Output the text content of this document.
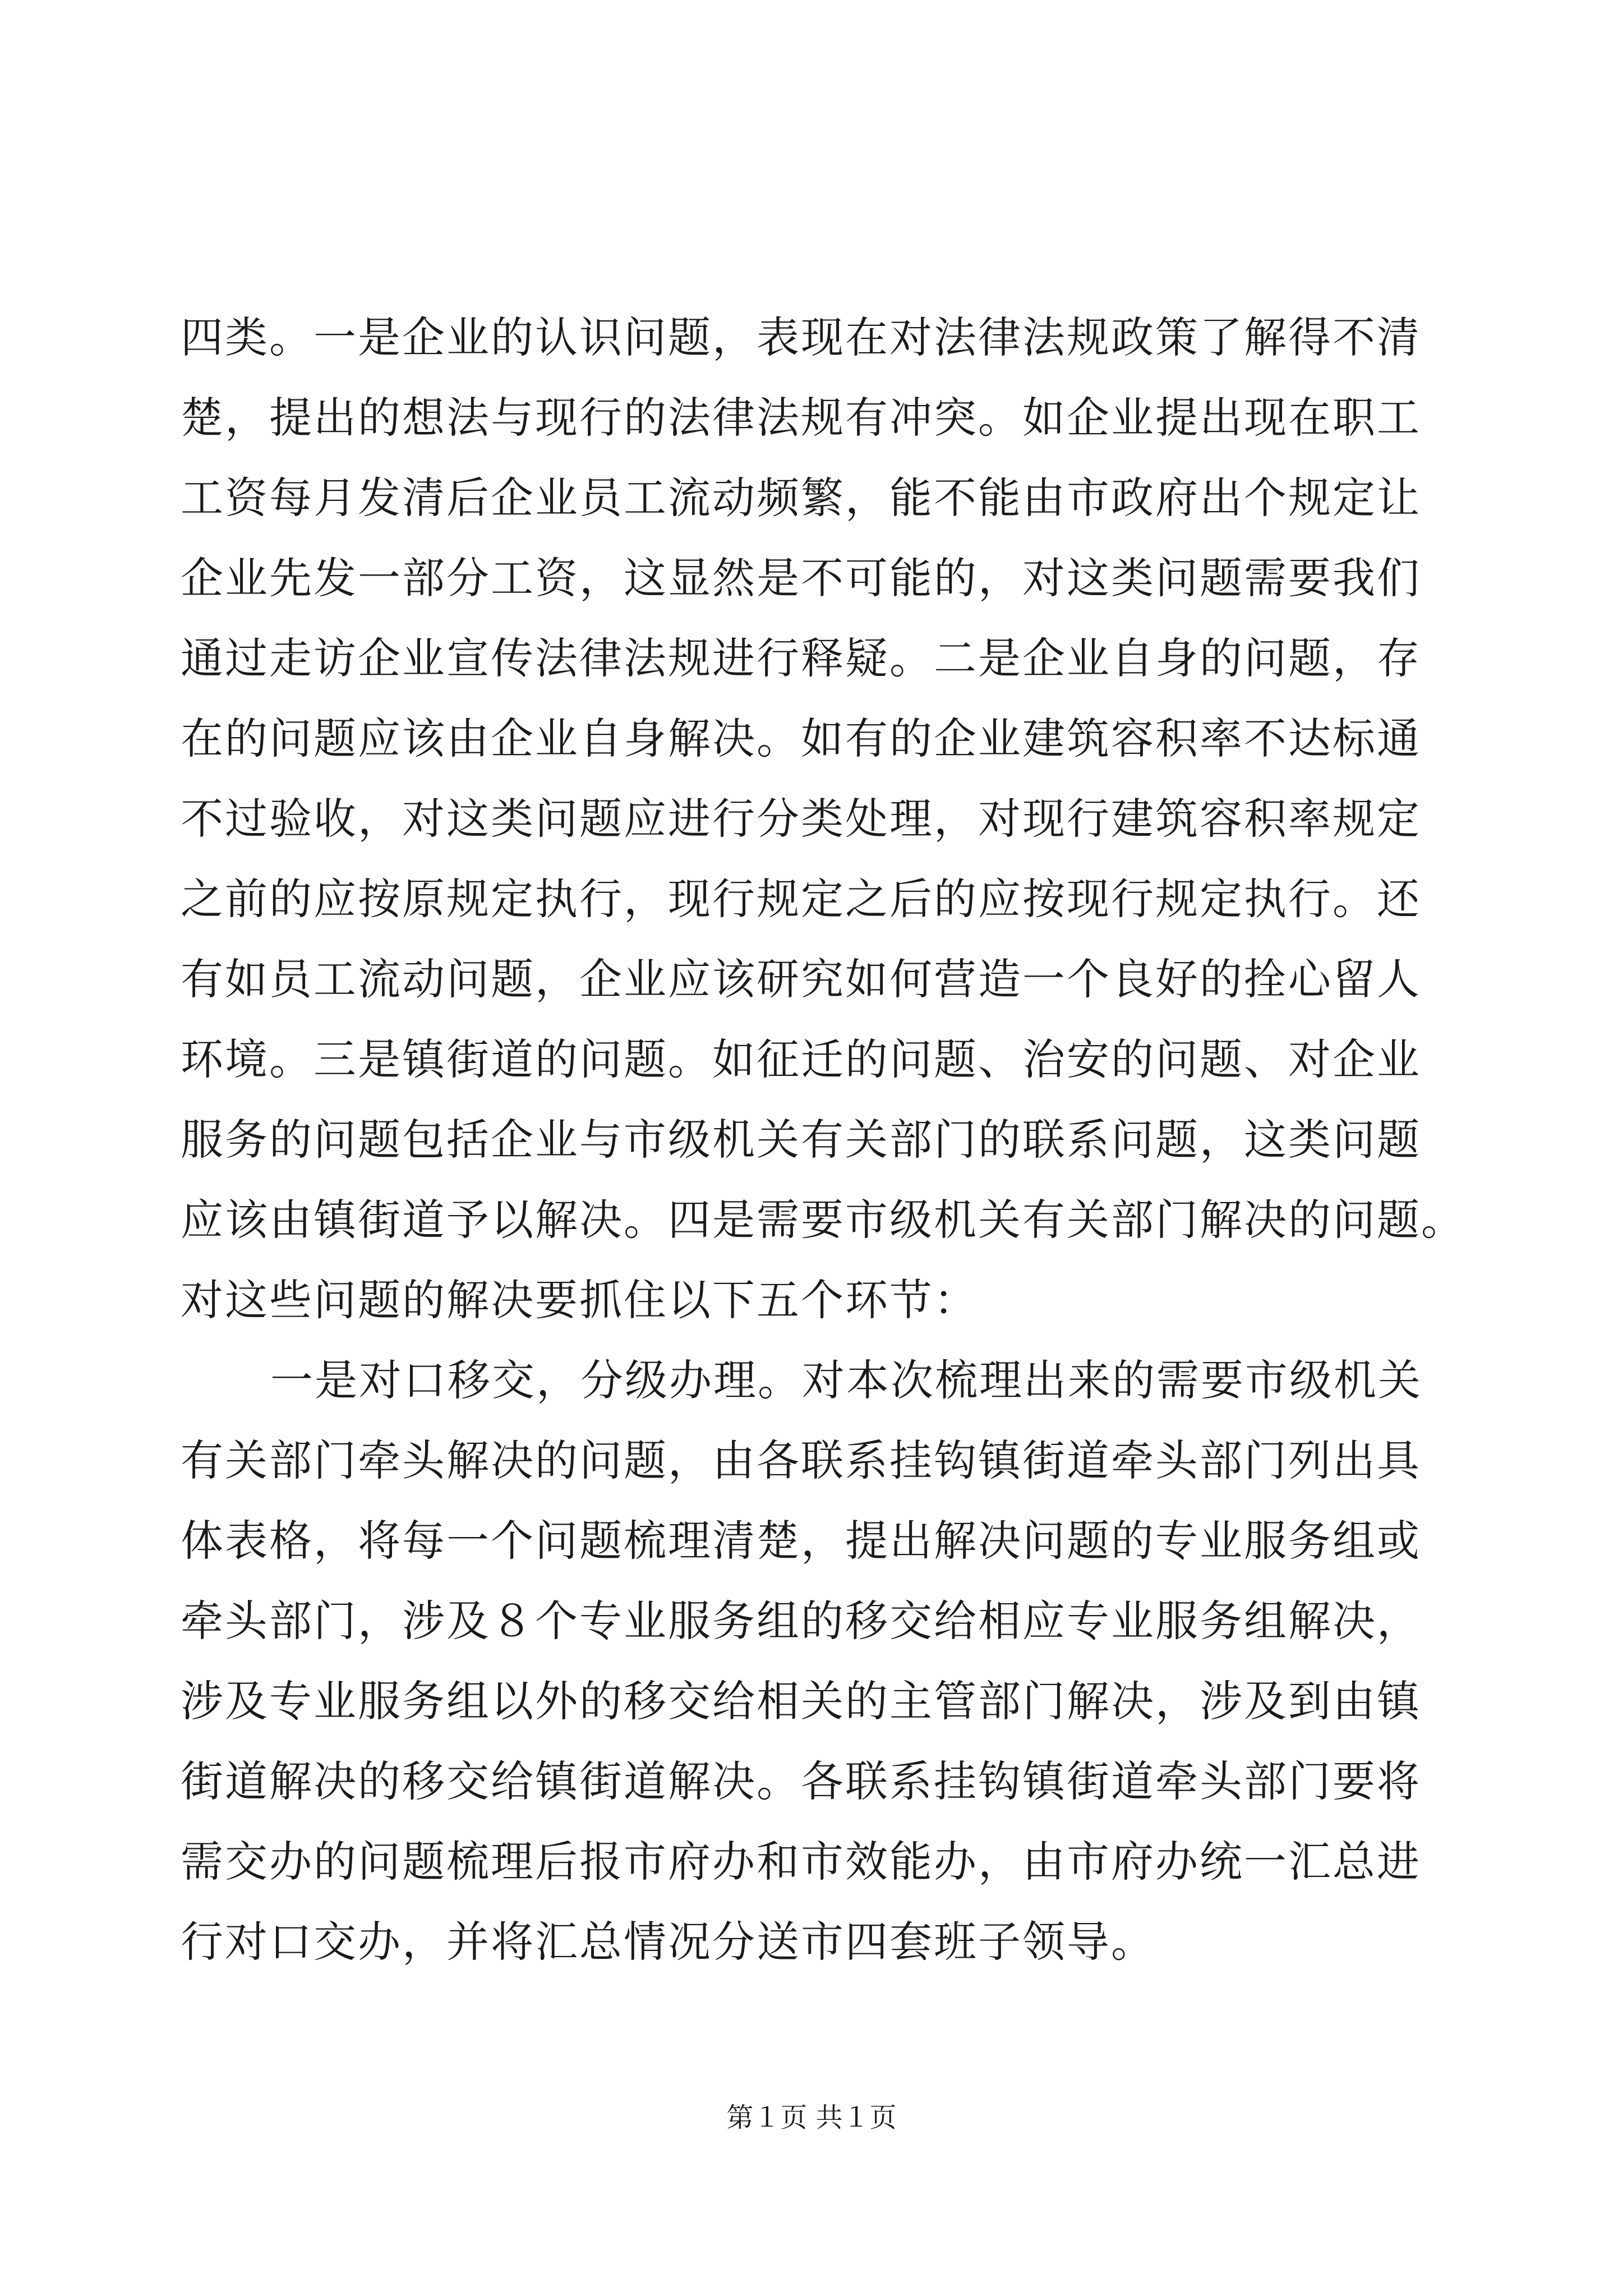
四类。一是企业的认识问题，表现在对法律法规政策了解得不清
楚，提出的想法与现行的法律法规有冲突。如企业提出现在职工
工资每月发清后企业员工流动频繁，能不能由市政府出个规定让
企业先发一部分工资，这显然是不可能的，对这类问题需要我们
通过走访企业宣传法律法规进行释疑。二是企业自身的问题，存
在的问题应该由企业自身解决。如有的企业建筑容积率不达标通
不过验收，对这类问题应进行分类处理，对现行建筑容积率规定
之前的应按原规定执行，现行规定之后的应按现行规定执行。还
有如员工流动问题，企业应该研究如何营造一个良好的拴心留人
环境。三是镇街道的问题。如征迁的问题、治安的问题、对企业
服务的问题包括企业与市级机关有关部门的联系问题，这类问题
应该由镇街道予以解决。四是需要市级机关有关部门解决的问题。
对这些问题的解决要抓住以下五个环节：
一是对口移交，分级办理。对本次梳理出来的需要市级机关
有关部门牵头解决的问题，由各联系挂钩镇街道牵头部门列出具
体表格，将每一个问题梳理清楚，提出解决问题的专业服务组或
牵头部门，涉及８个专业服务组的移交给相应专业服务组解决，
涉及专业服务组以外的移交给相关的主管部门解决，涉及到由镇
街道解决的移交给镇街道解决。各联系挂钩镇街道牵头部门要将
需交办的问题梳理后报市府办和市效能办，由市府办统一汇总进
行对口交办，并将汇总情况分送市四套班子领导。
第１页 共１页
